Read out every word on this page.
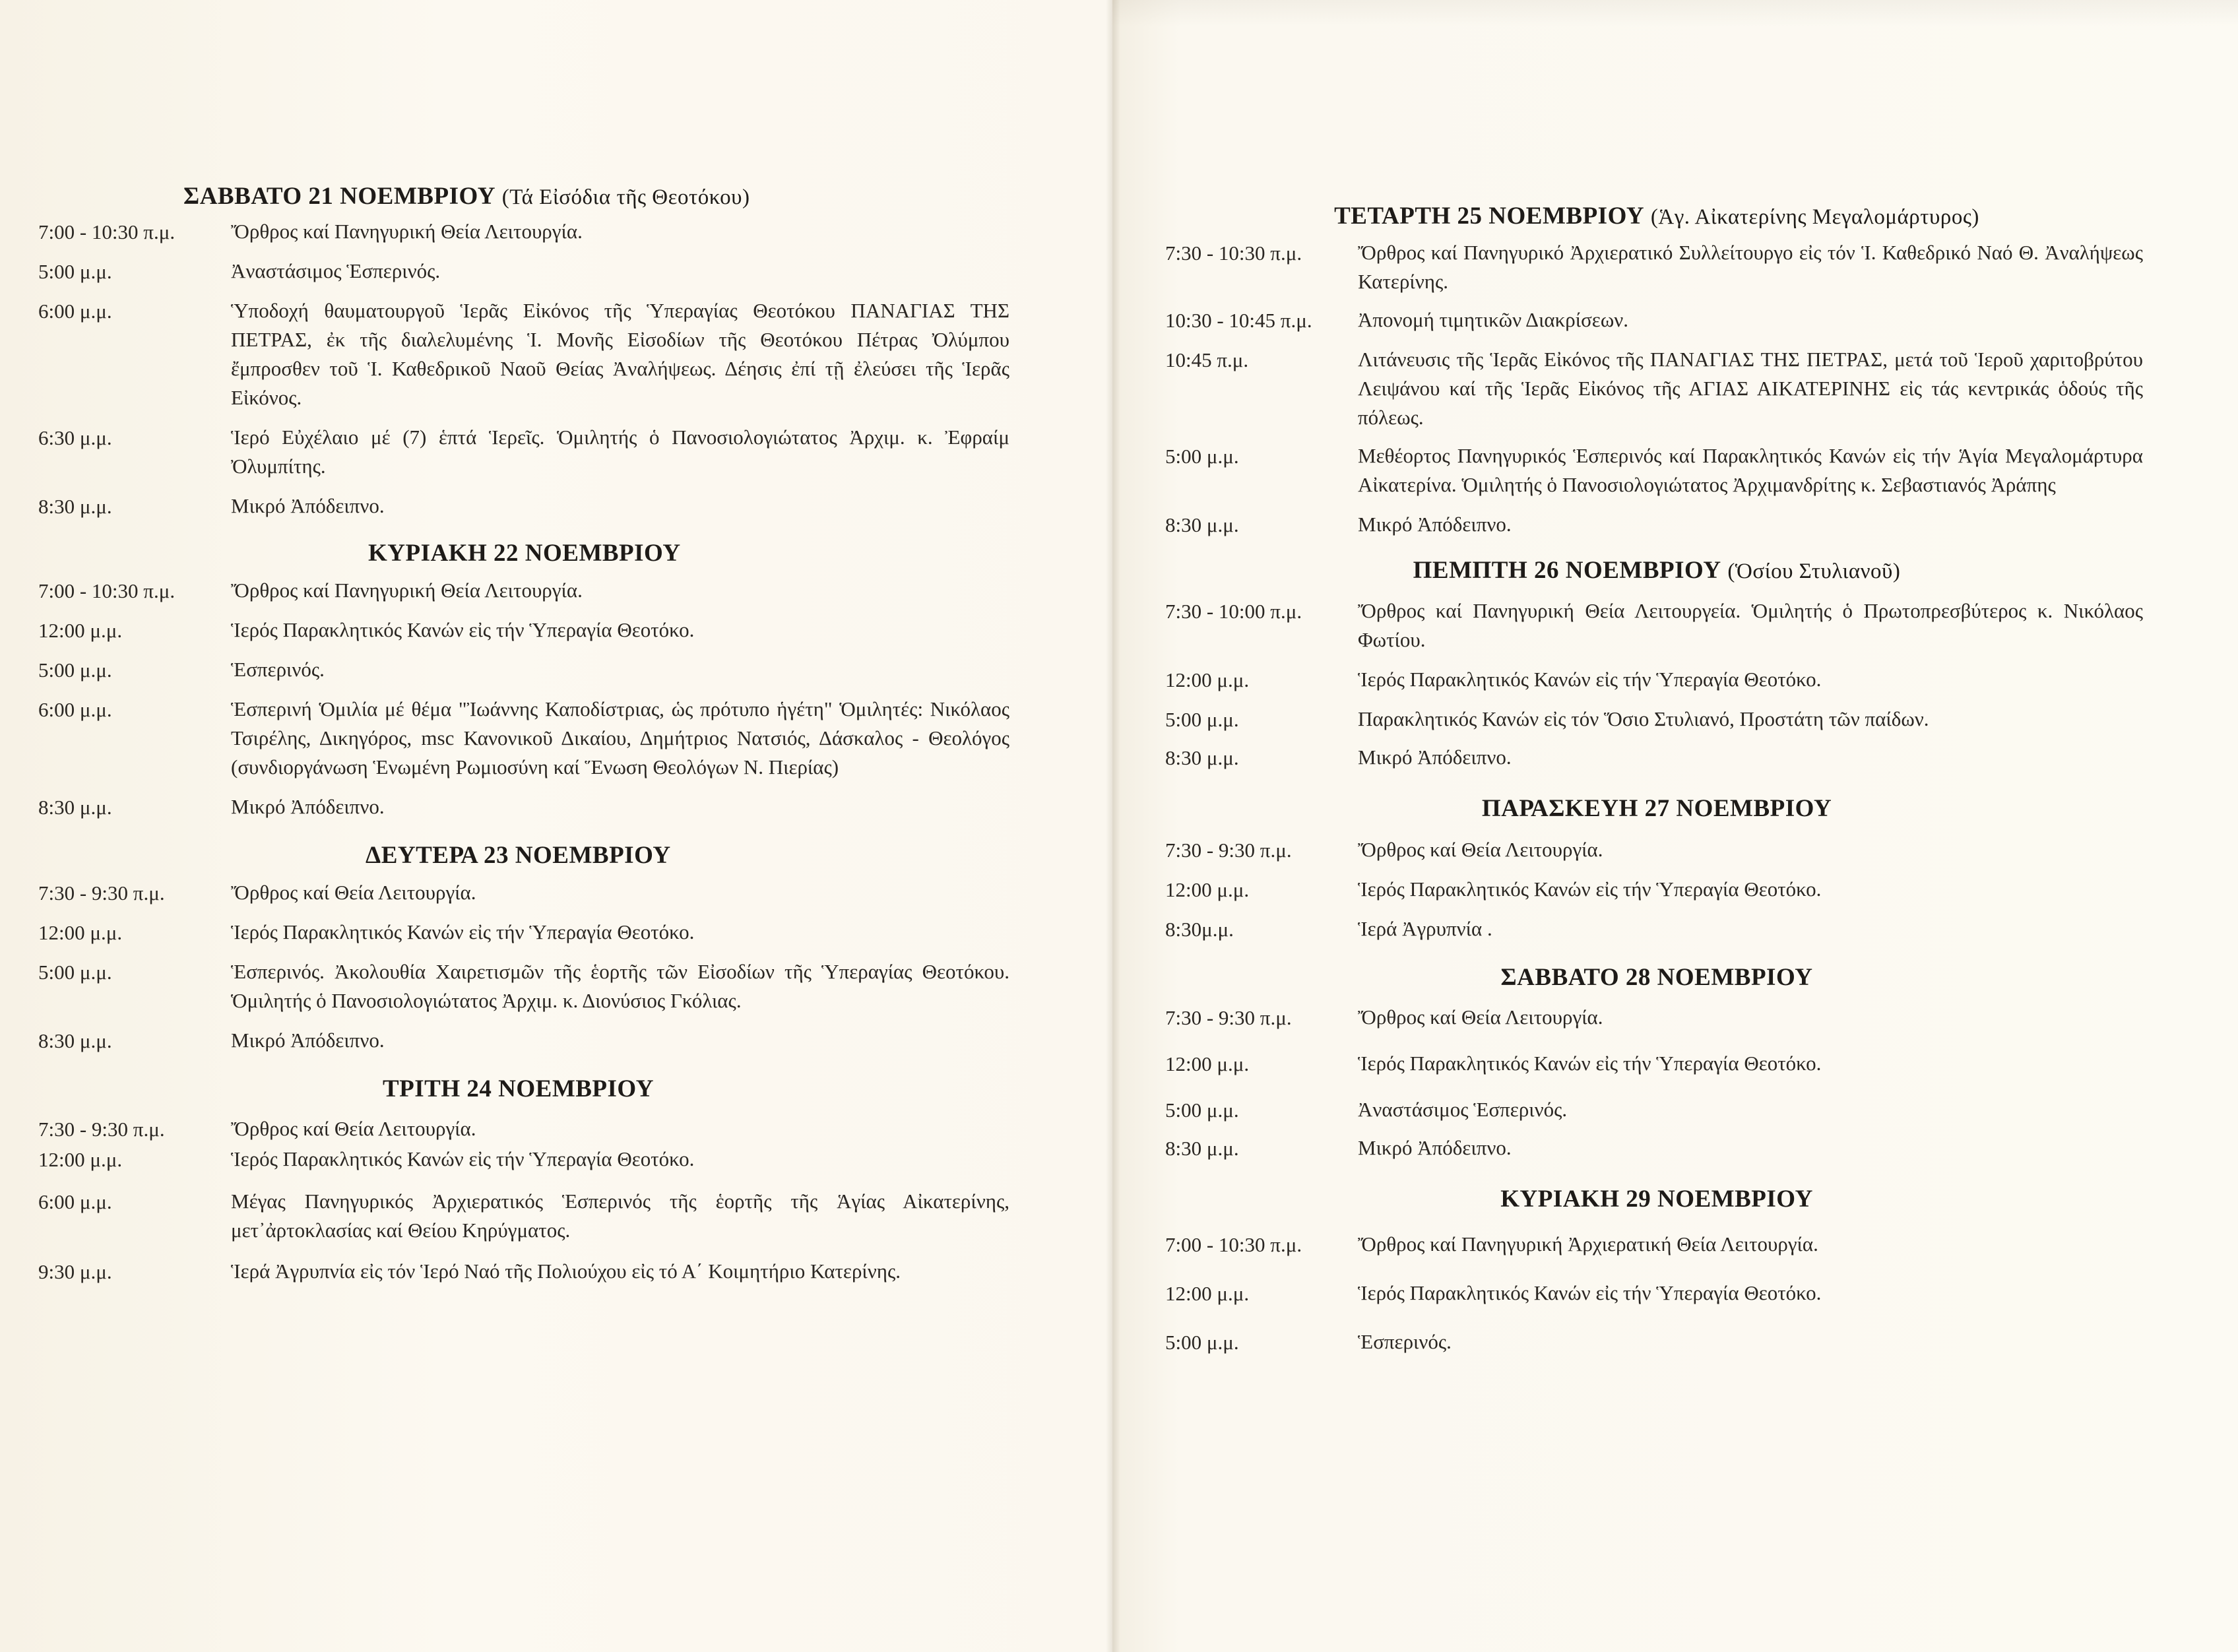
ΣΑΒΒΑΤΟ 21 ΝΟΕΜΒΡΙΟΥ (Τά Εἰσόδια τῆς Θεοτόκου)
7:00 - 10:30 π.μ.	Ὄρθρος καί Πανηγυρική Θεία Λειτουργία.
5:00 μ.μ.	Ἀναστάσιμος Ἑσπερινός.
6:00 μ.μ.	Ὑποδοχή θαυματουργοῦ Ἱερᾶς Εἰκόνος τῆς Ὑπεραγίας Θεοτόκου ΠΑΝΑΓΙΑΣ ΤΗΣ ΠΕΤΡΑΣ, ἐκ τῆς διαλελυμένης Ἱ. Μονῆς Εἰσοδίων τῆς Θεοτόκου Πέτρας Ὀλύμπου ἔμπροσθεν τοῦ Ἱ. Καθεδρικοῦ Ναοῦ Θείας Ἀναλήψεως. Δέησις ἐπί τῇ ἐλεύσει τῆς Ἱερᾶς Εἰκόνος.
6:30 μ.μ.	Ἱερό Εὐχέλαιο μέ (7) ἑπτά Ἱερεῖς. Ὁμιλητής ὁ Πανοσιολογιώτατος Ἀρχιμ. κ. Ἐφραίμ Ὀλυμπίτης.
8:30 μ.μ.	Μικρό Ἀπόδειπνο.
ΚΥΡΙΑΚΗ 22 ΝΟΕΜΒΡΙΟΥ
7:00 - 10:30 π.μ.	Ὄρθρος καί Πανηγυρική Θεία Λειτουργία.
12:00 μ.μ.	Ἱερός Παρακλητικός Κανών εἰς τήν Ὑπεραγία Θεοτόκο.
5:00 μ.μ.	Ἑσπερινός.
6:00 μ.μ.	Ἑσπερινή Ὁμιλία μέ θέμα "Ἰωάννης Καποδίστριας, ὡς πρότυπο ἡγέτη" Ὁμιλητές: Νικόλαος Τσιρέλης, Δικηγόρος, msc Κανονικοῦ Δικαίου, Δημήτριος Νατσιός, Δάσκαλος - Θεολόγος (συνδιοργάνωση Ἑνωμένη Ρωμιοσύνη καί Ἕνωση Θεολόγων Ν. Πιερίας)
8:30 μ.μ.	Μικρό Ἀπόδειπνο.
ΔΕΥΤΕΡΑ 23 ΝΟΕΜΒΡΙΟΥ
7:30 - 9:30 π.μ.	Ὄρθρος καί Θεία Λειτουργία.
12:00 μ.μ.	Ἱερός Παρακλητικός Κανών εἰς τήν Ὑπεραγία Θεοτόκο.
5:00 μ.μ.	Ἑσπερινός. Ἀκολουθία Χαιρετισμῶν τῆς ἑορτῆς τῶν Εἰσοδίων τῆς Ὑπεραγίας Θεοτόκου. Ὁμιλητής ὁ Πανοσιολογιώτατος Ἀρχιμ. κ. Διονύσιος Γκόλιας.
8:30 μ.μ.	Μικρό Ἀπόδειπνο.
ΤΡΙΤΗ 24 ΝΟΕΜΒΡΙΟΥ
7:30 - 9:30 π.μ.	Ὄρθρος καί Θεία Λειτουργία.
12:00 μ.μ.	Ἱερός Παρακλητικός Κανών εἰς τήν Ὑπεραγία Θεοτόκο.
6:00 μ.μ.	Μέγας Πανηγυρικός Ἀρχιερατικός Ἑσπερινός τῆς ἑορτῆς τῆς Ἁγίας Αἰκατερίνης, μετ᾽ἀρτοκλασίας καί Θείου Κηρύγματος.
9:30 μ.μ.	Ἱερά Ἀγρυπνία εἰς τόν Ἱερό Ναό τῆς Πολιούχου εἰς τό Α΄ Κοιμητήριο Κατερίνης.
ΤΕΤΑΡΤΗ 25 ΝΟΕΜΒΡΙΟΥ (Ἁγ. Αἰκατερίνης Μεγαλομάρτυρος)
7:30 - 10:30 π.μ.	Ὄρθρος καί Πανηγυρικό Ἀρχιερατικό Συλλείτουργο εἰς τόν Ἱ. Καθεδρικό Ναό Θ. Ἀναλήψεως Κατερίνης.
10:30 - 10:45 π.μ.	Ἀπονομή τιμητικῶν Διακρίσεων.
10:45 π.μ.	Λιτάνευσις τῆς Ἱερᾶς Εἰκόνος τῆς ΠΑΝΑΓΙΑΣ ΤΗΣ ΠΕΤΡΑΣ, μετά τοῦ Ἱεροῦ χαριτοβρύτου Λειψάνου καί τῆς Ἱερᾶς Εἰκόνος τῆς ΑΓΙΑΣ ΑΙΚΑΤΕΡΙΝΗΣ εἰς τάς κεντρικάς ὁδούς τῆς πόλεως.
5:00 μ.μ.	Μεθέορτος Πανηγυρικός Ἑσπερινός καί Παρακλητικός Κανών εἰς τήν Ἁγία Μεγαλομάρτυρα Αἰκατερίνα. Ὁμιλητής ὁ Πανοσιολογιώτατος Ἀρχιμανδρίτης κ. Σεβαστιανός Ἀράπης
8:30 μ.μ.	Μικρό Ἀπόδειπνο.
ΠΕΜΠΤΗ 26 ΝΟΕΜΒΡΙΟΥ (Ὁσίου Στυλιανοῦ)
7:30 - 10:00 π.μ.	Ὄρθρος καί Πανηγυρική Θεία Λειτουργεία. Ὁμιλητής ὁ Πρωτοπρεσβύτερος κ. Νικόλαος Φωτίου.
12:00 μ.μ.	Ἱερός Παρακλητικός Κανών εἰς τήν Ὑπεραγία Θεοτόκο.
5:00 μ.μ.	Παρακλητικός Κανών εἰς τόν Ὅσιο Στυλιανό, Προστάτη τῶν παίδων.
8:30 μ.μ.	Μικρό Ἀπόδειπνο.
ΠΑΡΑΣΚΕΥΗ 27 ΝΟΕΜΒΡΙΟΥ
7:30 - 9:30 π.μ.	Ὄρθρος καί Θεία Λειτουργία.
12:00 μ.μ.	Ἱερός Παρακλητικός Κανών εἰς τήν Ὑπεραγία Θεοτόκο.
8:30μ.μ.	Ἱερά Ἀγρυπνία .
ΣΑΒΒΑΤΟ 28 ΝΟΕΜΒΡΙΟΥ
7:30 - 9:30 π.μ.	Ὄρθρος καί Θεία Λειτουργία.
12:00 μ.μ.	Ἱερός Παρακλητικός Κανών εἰς τήν Ὑπεραγία Θεοτόκο.
5:00 μ.μ.	Ἀναστάσιμος Ἑσπερινός.
8:30 μ.μ.	Μικρό Ἀπόδειπνο.
ΚΥΡΙΑΚΗ 29 ΝΟΕΜΒΡΙΟΥ
7:00 - 10:30 π.μ.	Ὄρθρος καί Πανηγυρική Ἀρχιερατική Θεία Λειτουργία.
12:00 μ.μ.	Ἱερός Παρακλητικός Κανών εἰς τήν Ὑπεραγία Θεοτόκο.
5:00 μ.μ.	Ἑσπερινός.
